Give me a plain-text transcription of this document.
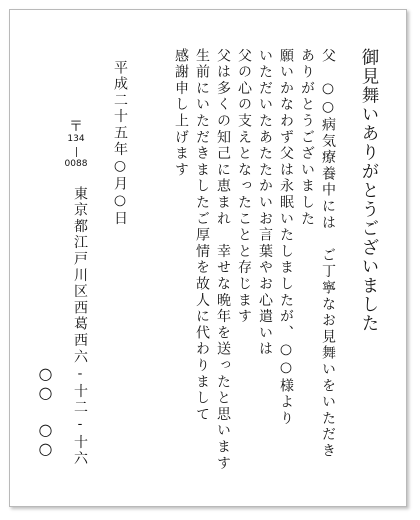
御見舞いありがとうございました

父　○○病気療養中には　ご丁寧なお見舞いをいただき

ありがとうございました

願いかなわず父は永眠いたしましたが、○○様より

いただいたあたたかいお言葉やお心遣いは

父の心の支えとなったことと存じます

父は多くの知己に恵まれ　幸せな晩年を送ったと思います

生前にいただきましたご厚情を故人に代わりまして

感謝申し上げます

平成二十五年○月○日

〒
134
0088

東京都江戸川区西葛西六-十二-十六

○○

○○
